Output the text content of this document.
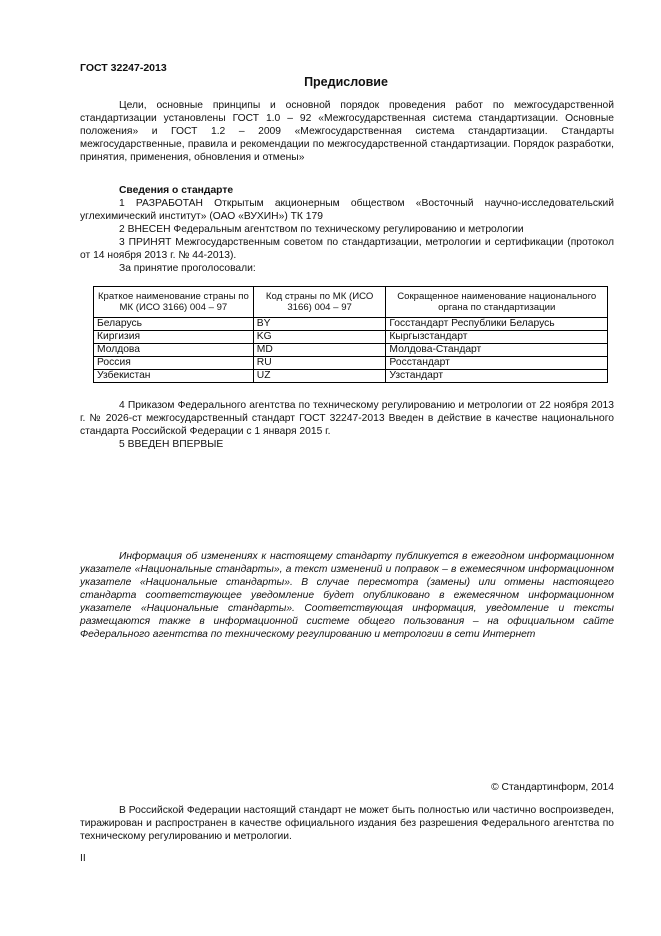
ГОСТ 32247-2013
Предисловие

Цели, основные принципы и основной порядок проведения работ по межгосударственной стандартизации установлены ГОСТ 1.0 – 92 «Межгосударственная система стандартизации. Основные положения» и ГОСТ 1.2 – 2009 «Межгосударственная система стандартизации. Стандарты межгосударственные, правила и рекомендации по межгосударственной стандартизации. Порядок разработки, принятия, применения, обновления и отмены»

Сведения о стандарте

1 РАЗРАБОТАН Открытым акционерным обществом «Восточный научно-исследовательский углехимический институт» (ОАО «ВУХИН») ТК 179

2 ВНЕСЕН Федеральным агентством по техническому регулированию и метрологии

3 ПРИНЯТ Межгосударственным советом по стандартизации, метрологии и сертификации (протокол от 14 ноября 2013 г. № 44-2013).

За принятие проголосовали:
Краткое наименование страны по МК (ИСО 3166) 004 – 97	Код страны по МК (ИСО 3166) 004 – 97	Сокращенное наименование национального органа по стандартизации
Беларусь	BY	Госстандарт Республики Беларусь
Киргизия	KG	Кыргызстандарт
Молдова	MD	Молдова-Стандарт
Россия	RU	Росстандарт
Узбекистан	UZ	Узстандарт

4 Приказом Федерального агентства по техническому регулированию и метрологии от 22 ноября 2013 г. № 2026-ст межгосударственный стандарт ГОСТ 32247-2013 Введен в действие в качестве национального стандарта Российской Федерации с 1 января 2015 г.

5 ВВЕДЕН ВПЕРВЫЕ

Информация об изменениях к настоящему стандарту публикуется в ежегодном информационном указателе «Национальные стандарты», а текст изменений и поправок – в ежемесячном информационном указателе «Национальные стандарты». В случае пересмотра (замены) или отмены настоящего стандарта соответствующее уведомление будет опубликовано в ежемесячном информационном указателе «Национальные стандарты». Соответствующая информация, уведомление и тексты размещаются также в информационной системе общего пользования – на официальном сайте Федерального агентства по техническому регулированию и метрологии в сети Интернет

© Стандартинформ, 2014

В Российской Федерации настоящий стандарт не может быть полностью или частично воспроизведен, тиражирован и распространен в качестве официального издания без разрешения Федерального агентства по техническому регулированию и метрологии.

II
